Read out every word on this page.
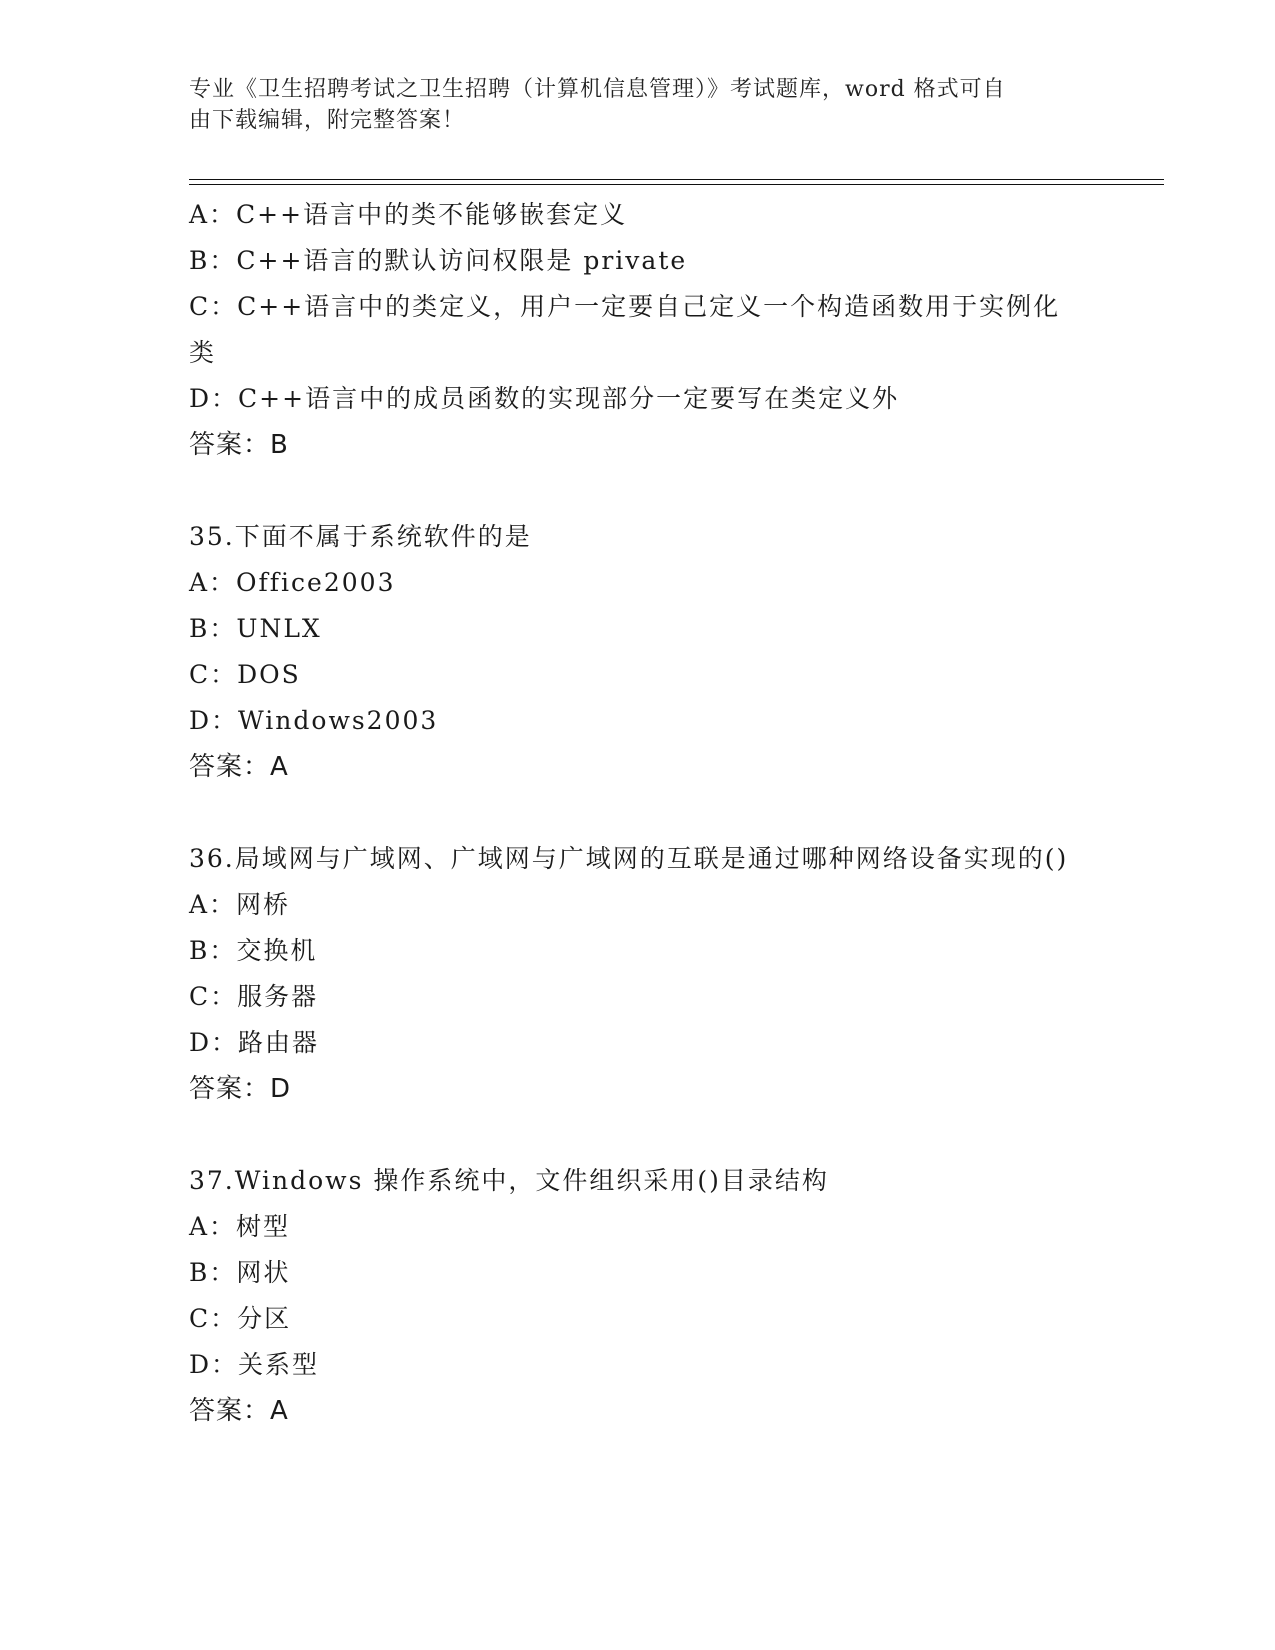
专业《卫生招聘考试之卫生招聘（计算机信息管理）》考试题库，word 格式可自
由下载编辑，附完整答案！
A：C++语言中的类不能够嵌套定义
B：C++语言的默认访问权限是 private
C：C++语言中的类定义，用户一定要自己定义一个构造函数用于实例化类
D：C++语言中的成员函数的实现部分一定要写在类定义外
答案：B
35.下面不属于系统软件的是
A：Office2003
B：UNLX
C：DOS
D：Windows2003
答案：A
36.局域网与广域网、广域网与广域网的互联是通过哪种网络设备实现的()
A：网桥
B：交换机
C：服务器
D：路由器
答案：D
37.Windows 操作系统中，文件组织采用()目录结构
A：树型
B：网状
C：分区
D：关系型
答案：A
